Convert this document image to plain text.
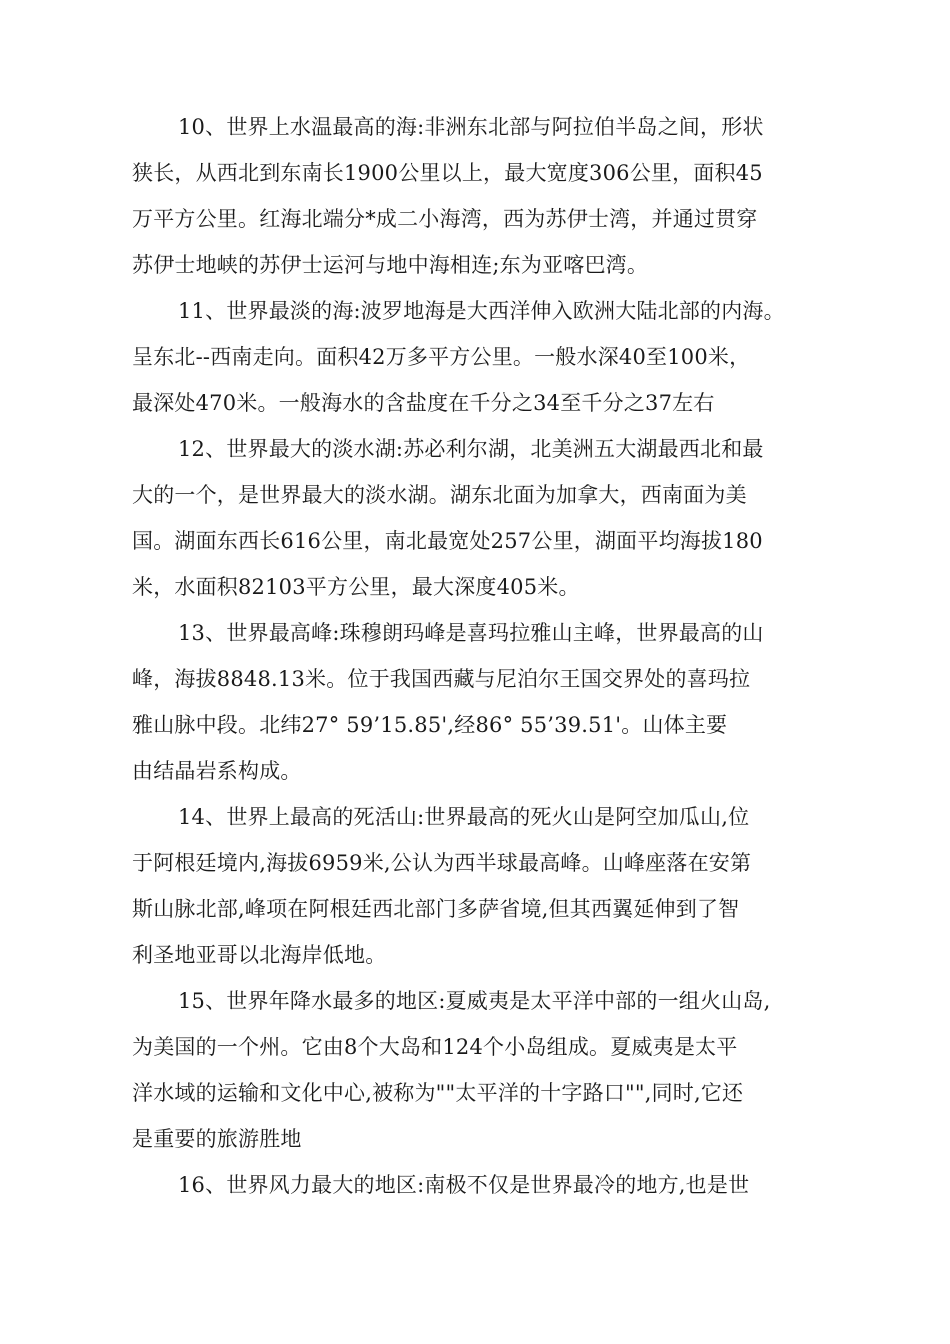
10、世界上水温最高的海:非洲东北部与阿拉伯半岛之间，形状
狭长，从西北到东南长1900公里以上，最大宽度306公里，面积45
万平方公里。红海北端分*成二小海湾，西为苏伊士湾，并通过贯穿
苏伊士地峡的苏伊士运河与地中海相连;东为亚喀巴湾。
11、世界最淡的海:波罗地海是大西洋伸入欧洲大陆北部的内海。
呈东北--西南走向。面积42万多平方公里。一般水深40至100米，
最深处470米。一般海水的含盐度在千分之34至千分之37左右
12、世界最大的淡水湖:苏必利尔湖，北美洲五大湖最西北和最
大的一个，是世界最大的淡水湖。湖东北面为加拿大，西南面为美
国。湖面东西长616公里，南北最宽处257公里，湖面平均海拔180
米，水面积82103平方公里，最大深度405米。
13、世界最高峰:珠穆朗玛峰是喜玛拉雅山主峰，世界最高的山
峰，海拔8848.13米。位于我国西藏与尼泊尔王国交界处的喜玛拉
雅山脉中段。北纬27° 59’15.85',经86° 55’39.51'。山体主要
由结晶岩系构成。
14、世界上最高的死活山:世界最高的死火山是阿空加瓜山,位
于阿根廷境内,海拔6959米,公认为西半球最高峰。山峰座落在安第
斯山脉北部,峰项在阿根廷西北部门多萨省境,但其西翼延伸到了智
利圣地亚哥以北海岸低地。
15、世界年降水最多的地区:夏威夷是太平洋中部的一组火山岛,
为美国的一个州。它由8个大岛和124个小岛组成。夏威夷是太平
洋水域的运输和文化中心,被称为""太平洋的十字路口"",同时,它还
是重要的旅游胜地
16、世界风力最大的地区:南极不仅是世界最冷的地方,也是世
